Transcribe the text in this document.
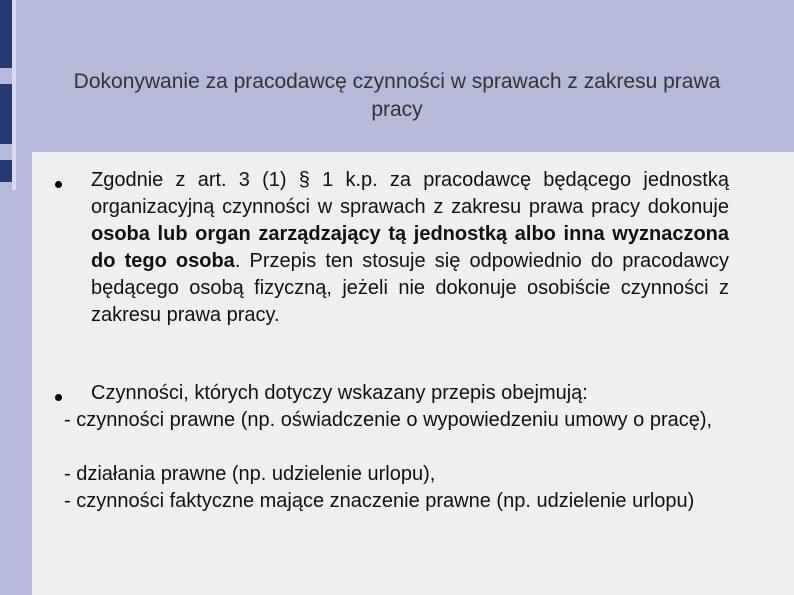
Dokonywanie za pracodawcę czynności w sprawach z zakresu prawa pracy
Zgodnie z art. 3 (1) § 1 k.p. za pracodawcę będącego jednostką organizacyjną czynności w sprawach z zakresu prawa pracy dokonuje osoba lub organ zarządzający tą jednostką albo inna wyznaczona do tego osoba. Przepis ten stosuje się odpowiednio do pracodawcy będącego osobą fizyczną, jeżeli nie dokonuje osobiście czynności z zakresu prawa pracy.
Czynności, których dotyczy wskazany przepis obejmują:
- czynności prawne (np. oświadczenie o wypowiedzeniu umowy o pracę),
- działania prawne (np. udzielenie urlopu),
- czynności faktyczne mające znaczenie prawne (np. udzielenie urlopu)
